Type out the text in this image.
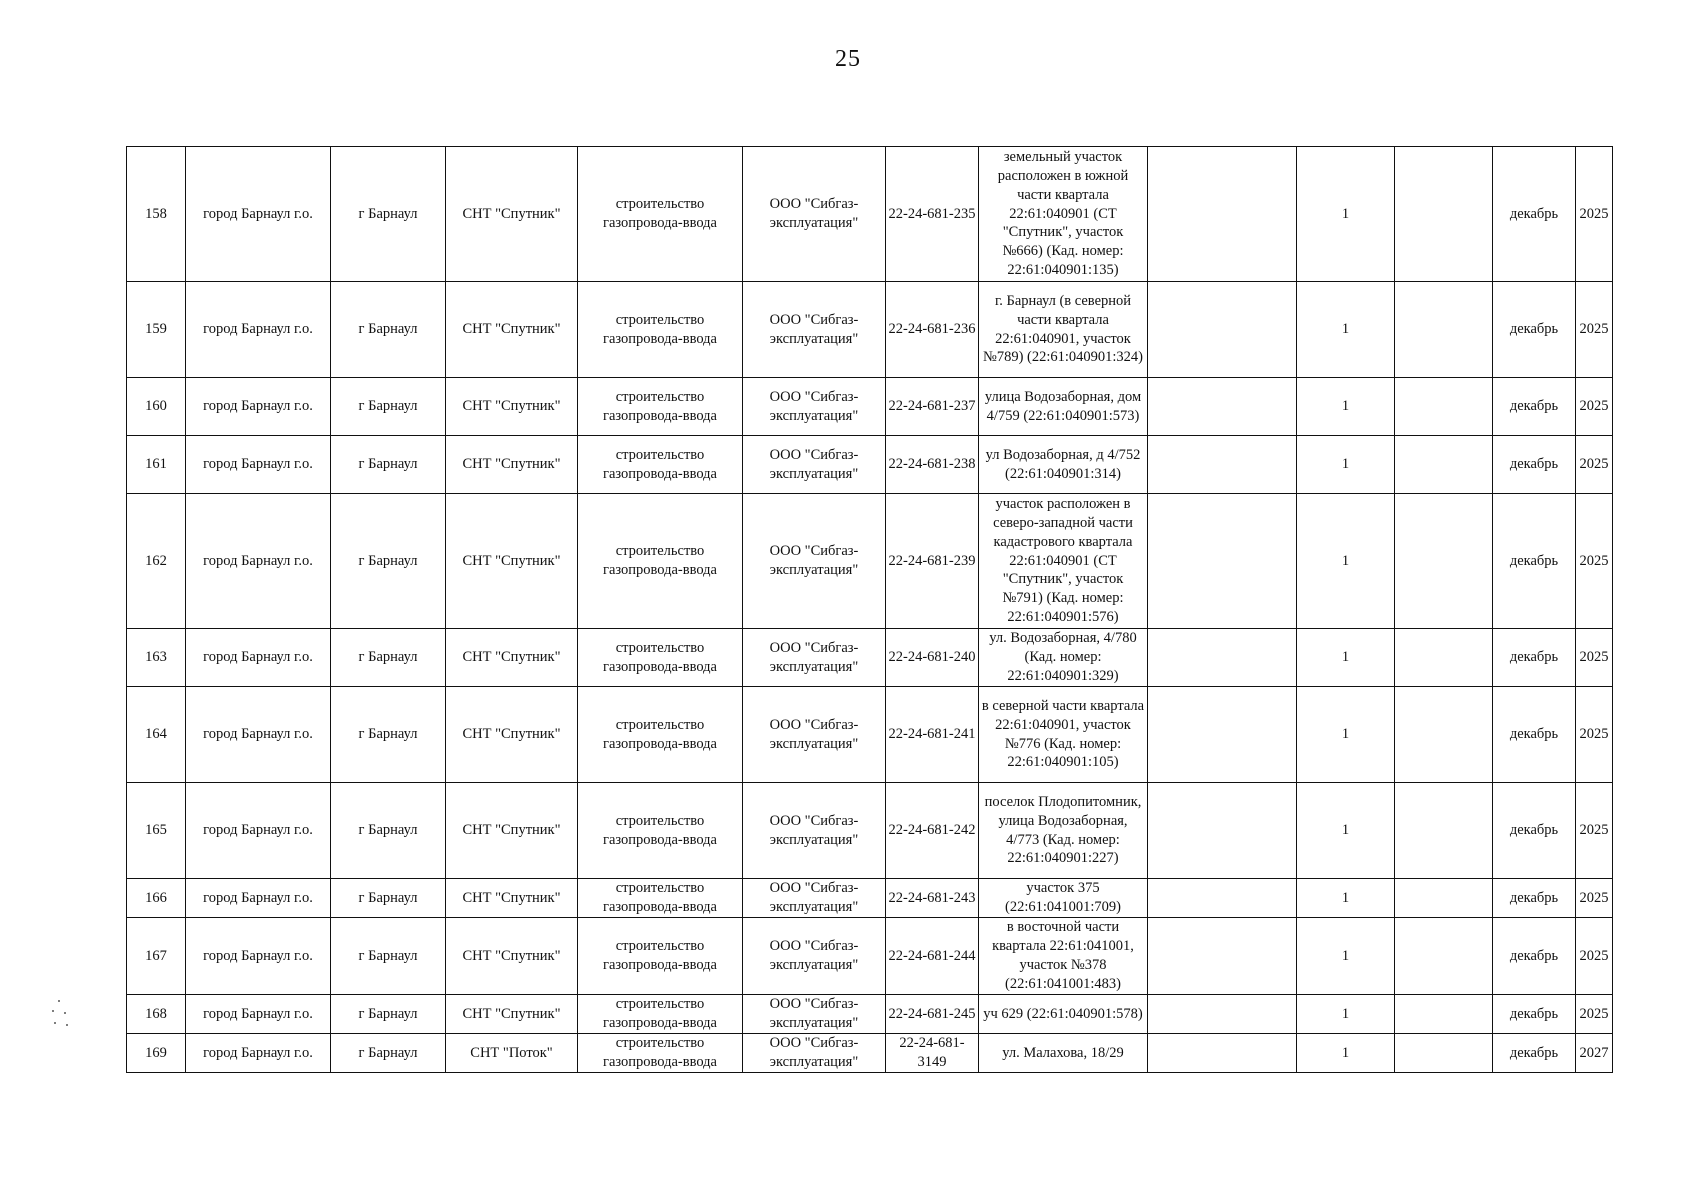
25
158	город Барнаул г.о.	г Барнаул	СНТ "Спутник"	строительство газопровода-ввода	ООО "Сибгаз-эксплуатация"	22-24-681-235	земельный участок расположен в южной части квартала 22:61:040901 (СТ "Спутник", участок №666) (Кад. номер: 22:61:040901:135)		1		декабрь	2025
159	город Барнаул г.о.	г Барнаул	СНТ "Спутник"	строительство газопровода-ввода	ООО "Сибгаз-эксплуатация"	22-24-681-236	г. Барнаул (в северной части квартала 22:61:040901, участок №789) (22:61:040901:324)		1		декабрь	2025
160	город Барнаул г.о.	г Барнаул	СНТ "Спутник"	строительство газопровода-ввода	ООО "Сибгаз-эксплуатация"	22-24-681-237	улица Водозаборная, дом 4/759 (22:61:040901:573)		1		декабрь	2025
161	город Барнаул г.о.	г Барнаул	СНТ "Спутник"	строительство газопровода-ввода	ООО "Сибгаз-эксплуатация"	22-24-681-238	ул Водозаборная, д 4/752 (22:61:040901:314)		1		декабрь	2025
162	город Барнаул г.о.	г Барнаул	СНТ "Спутник"	строительство газопровода-ввода	ООО "Сибгаз-эксплуатация"	22-24-681-239	участок расположен в северо-западной части кадастрового квартала 22:61:040901 (СТ "Спутник", участок №791) (Кад. номер: 22:61:040901:576)		1		декабрь	2025
163	город Барнаул г.о.	г Барнаул	СНТ "Спутник"	строительство газопровода-ввода	ООО "Сибгаз-эксплуатация"	22-24-681-240	ул. Водозаборная, 4/780 (Кад. номер: 22:61:040901:329)		1		декабрь	2025
164	город Барнаул г.о.	г Барнаул	СНТ "Спутник"	строительство газопровода-ввода	ООО "Сибгаз-эксплуатация"	22-24-681-241	в северной части квартала 22:61:040901, участок №776 (Кад. номер: 22:61:040901:105)		1		декабрь	2025
165	город Барнаул г.о.	г Барнаул	СНТ "Спутник"	строительство газопровода-ввода	ООО "Сибгаз-эксплуатация"	22-24-681-242	поселок Плодопитомник, улица Водозаборная, 4/773 (Кад. номер: 22:61:040901:227)		1		декабрь	2025
166	город Барнаул г.о.	г Барнаул	СНТ "Спутник"	строительство газопровода-ввода	ООО "Сибгаз-эксплуатация"	22-24-681-243	участок 375 (22:61:041001:709)		1		декабрь	2025
167	город Барнаул г.о.	г Барнаул	СНТ "Спутник"	строительство газопровода-ввода	ООО "Сибгаз-эксплуатация"	22-24-681-244	в восточной части квартала 22:61:041001, участок №378 (22:61:041001:483)		1		декабрь	2025
168	город Барнаул г.о.	г Барнаул	СНТ "Спутник"	строительство газопровода-ввода	ООО "Сибгаз-эксплуатация"	22-24-681-245	уч 629 (22:61:040901:578)		1		декабрь	2025
169	город Барнаул г.о.	г Барнаул	СНТ "Поток"	строительство газопровода-ввода	ООО "Сибгаз-эксплуатация"	22-24-681-3149	ул. Малахова, 18/29		1		декабрь	2027
